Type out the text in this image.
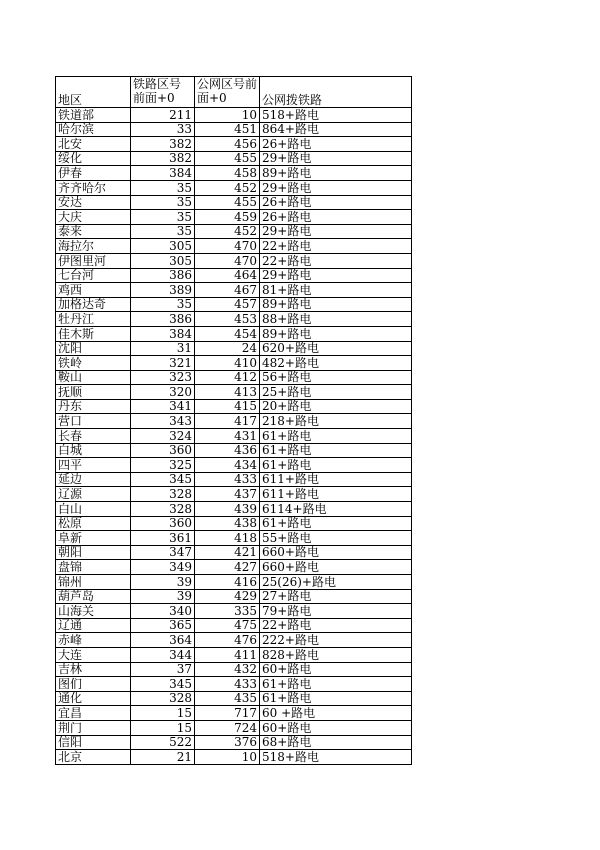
地区	铁路区号前面+0	公网区号前面+0	公网拨铁路
铁道部	211	10	518+路电
哈尔滨	33	451	864+路电
北安	382	456	26+路电
绥化	382	455	29+路电
伊春	384	458	89+路电
齐齐哈尔	35	452	29+路电
安达	35	455	26+路电
大庆	35	459	26+路电
泰来	35	452	29+路电
海拉尔	305	470	22+路电
伊图里河	305	470	22+路电
七台河	386	464	29+路电
鸡西	389	467	81+路电
加格达奇	35	457	89+路电
牡丹江	386	453	88+路电
佳木斯	384	454	89+路电
沈阳	31	24	620+路电
铁岭	321	410	482+路电
鞍山	323	412	56+路电
抚顺	320	413	25+路电
丹东	341	415	20+路电
营口	343	417	218+路电
长春	324	431	61+路电
白城	360	436	61+路电
四平	325	434	61+路电
延边	345	433	611+路电
辽源	328	437	611+路电
白山	328	439	6114+路电
松原	360	438	61+路电
阜新	361	418	55+路电
朝阳	347	421	660+路电
盘锦	349	427	660+路电
锦州	39	416	25(26)+路电
葫芦岛	39	429	27+路电
山海关	340	335	79+路电
辽通	365	475	22+路电
赤峰	364	476	222+路电
大连	344	411	828+路电
吉林	37	432	60+路电
图们	345	433	61+路电
通化	328	435	61+路电
宜昌	15	717	60 +路电
荆门	15	724	60+路电
信阳	522	376	68+路电
北京	21	10	518+路电
